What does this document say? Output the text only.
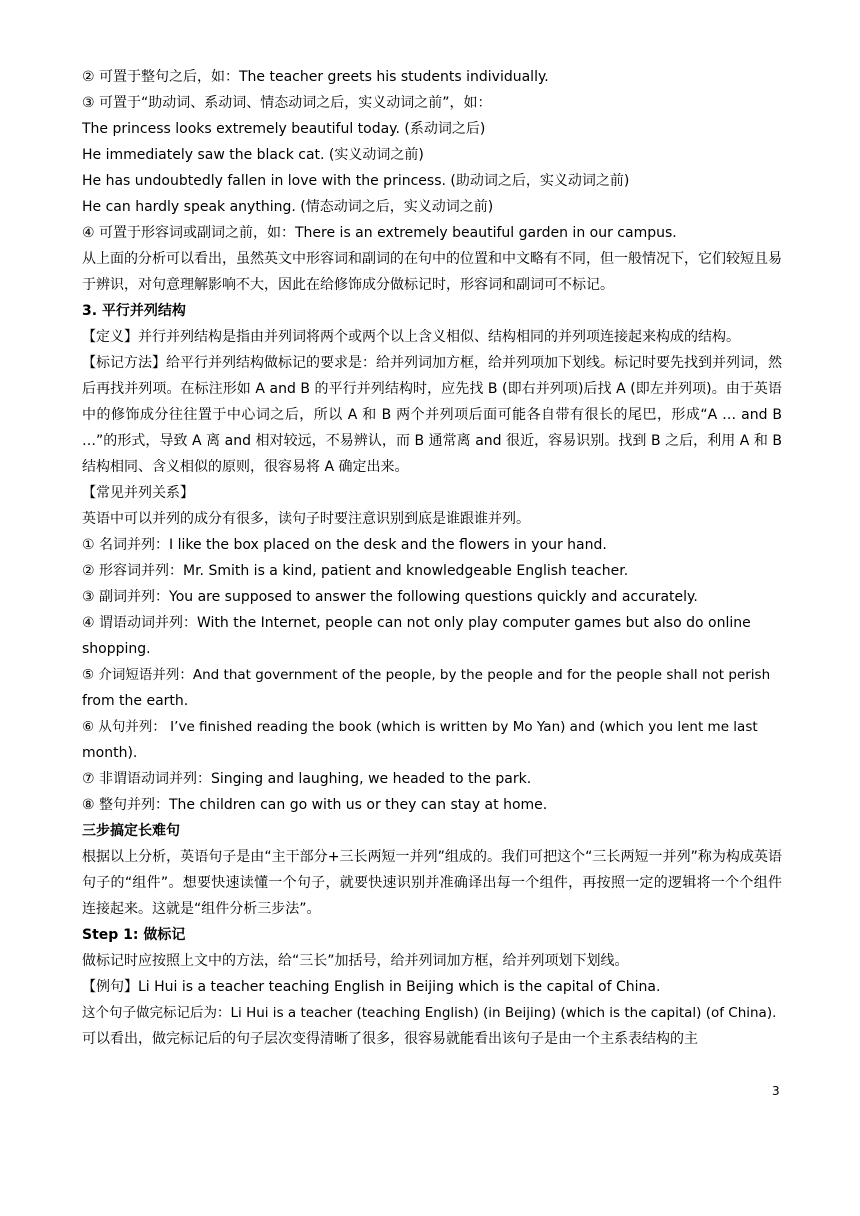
② 可置于整句之后，如：The teacher greets his students individually.
③ 可置于“助动词、系动词、情态动词之后，实义动词之前”，如：
The princess looks extremely beautiful today. (系动词之后)
He immediately saw the black cat. (实义动词之前)
He has undoubtedly fallen in love with the princess. (助动词之后，实义动词之前)
He can hardly speak anything. (情态动词之后，实义动词之前)
④ 可置于形容词或副词之前，如：There is an extremely beautiful garden in our campus.

从上面的分析可以看出，虽然英文中形容词和副词的在句中的位置和中文略有不同，但一般情况下，它们较短且易于辨识，对句意理解影响不大，因此在给修饰成分做标记时，形容词和副词可不标记。

3. 平行并列结构

【定义】并行并列结构是指由并列词将两个或两个以上含义相似、结构相同的并列项连接起来构成的结构。

【标记方法】给平行并列结构做标记的要求是：给并列词加方框，给并列项加下划线。标记时要先找到并列词，然后再找并列项。在标注形如 A and B 的平行并列结构时，应先找 B (即右并列项)后找 A (即左并列项)。由于英语中的修饰成分往往置于中心词之后，所以 A 和 B 两个并列项后面可能各自带有很长的尾巴，形成“A … and B …”的形式，导致 A 离 and 相对较远，不易辨认，而 B 通常离 and 很近，容易识别。找到 B 之后，利用 A 和 B 结构相同、含义相似的原则，很容易将 A 确定出来。

【常见并列关系】
英语中可以并列的成分有很多，读句子时要注意识别到底是谁跟谁并列。
① 名词并列：I like the box placed on the desk and the flowers in your hand.
② 形容词并列：Mr. Smith is a kind, patient and knowledgeable English teacher.
③ 副词并列：You are supposed to answer the following questions quickly and accurately.
④ 谓语动词并列：With the Internet, people can not only play computer games but also do online
shopping.
⑤ 介词短语并列：And that government of the people, by the people and for the people shall not perish
from the earth.
⑥ 从句并列： I’ve finished reading the book (which is written by Mo Yan) and (which you lent me last
month).
⑦ 非谓语动词并列：Singing and laughing, we headed to the park.
⑧ 整句并列：The children can go with us or they can stay at home.
三步搞定长难句

根据以上分析，英语句子是由“主干部分+三长两短一并列”组成的。我们可把这个“三长两短一并列”称为构成英语句子的“组件”。想要快速读懂一个句子，就要快速识别并准确译出每一个组件，再按照一定的逻辑将一个个组件连接起来。这就是“组件分析三步法”。

Step 1: 做标记
做标记时应按照上文中的方法，给“三长”加括号，给并列词加方框，给并列项划下划线。
【例句】Li Hui is a teacher teaching English in Beijing which is the capital of China.
这个句子做完标记后为：Li Hui is a teacher (teaching English) (in Beijing) (which is the capital) (of China).
可以看出，做完标记后的句子层次变得清晰了很多，很容易就能看出该句子是由一个主系表结构的主
3
